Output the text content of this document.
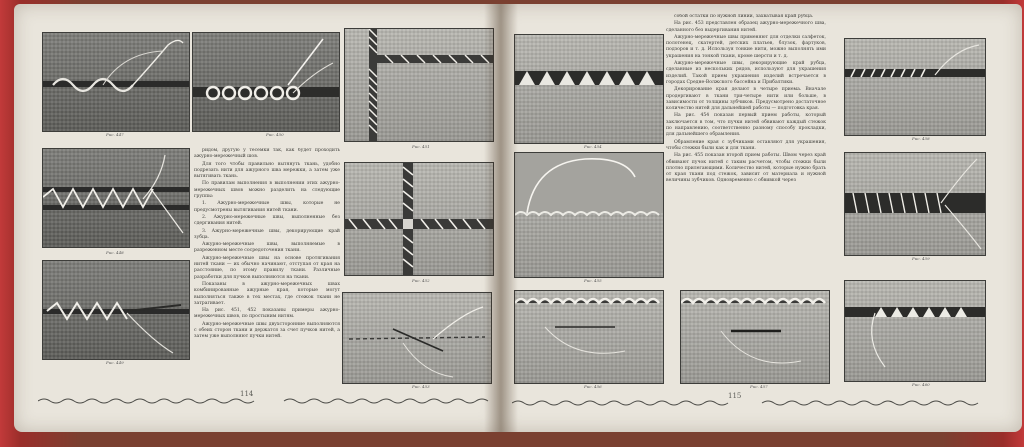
Рис. 447	Рис. 450
Рис. 451
Рис. 448

ридом, другую у тесемки так, как будет проходить ажурно-мережечный шов.

Для того чтобы правильно вытянуть ткань, удобно подрезать нити для ажурного шва мережки, а затем уже вытягивать ткань.

По правилам выполнения в выполнении этих ажурно-мережечных швов можно разделить на следующие группы:

1. Ажурно-мережечные швы, которые не предусмотрены вытягивания нитей ткани.

2. Ажурно-мережечные швы, выполненные без сдергивания нитей.

3. Ажурно-мережечные швы, декорирующие край зубца.

Ажурно-мережечные швы, выполняемые в разреженном месте сосредоточения ткани.

Ажурно-мережечные швы на основе протягивания нитей ткани — их обычно начинают, отступая от края на расстояние, по этому правилу ткани. Различные разработки для пучков выполняются на ткани.

Показаны в ажурно-мережечных швах комбинированные ажурные края, которые могут выполняться также в тех местах, где стежок ткани не затрагивает.

На рис. 451, 452 показаны примеры ажурно-мережечных швов, по простыним нитям.

Ажурно-мережечные швы двухсторонние выполняются с обеих сторон ткани и держатся за счет пучков нитей, а затем уже выполняют пучки нитей.

Рис. 452
Рис. 449
Рис. 453
114
Рис. 454

собой остатки по нужной линии, захватывая край рубца.

На рис. 453 представлен образец ажурно-мережечного шва, сделанного без выдергивания нитей.

Ажурно-мережечные швы применяют для отделки салфеток, полотенец, скатертей, детских платьев, блузок, фартуков, подзоров и т. д. Используя тонкие нити, можно выполнять ими украшения на тонкой ткани, кроме шерсти и т. д.

Ажурно-мережечные швы, декорирующие край рубца, сделанные из нескольких рядов, используют для украшения изделий. Такой прием украшения изделий встречается в городах Средне-Волжского бассейна и Прибалтики.

Декорирование края делают в четыре приема. Вначале продергивают в ткани три-четыре нити или больше, в зависимости от толщины зубчиков. Предусмотрено достаточное количество нитей для дальнейшей работы — подготовка края.

На рис. 454 показан первый прием работы, который заключается в том, что пучки нитей обвивают каждый стежок по направлению, соответственно разному способу прокладки, для дальнейшего обрамления.

Обрамление края с зубчиками оставляют для украшения, чтобы стежки были как и для ткани.

На рис. 455 показан второй прием работы. Швом через край обвивают пучок нитей с таким расчетом, чтобы стежки были плотно прилегающими. Количество нитей, которые нужно брать от края ткани под стежок, зависит от материала и нужной величины зубчиков. Одновременно с обвивкой через

Рис. 458
Рис. 455
Рис. 459
Рис. 456	Рис. 457	Рис. 460
115
